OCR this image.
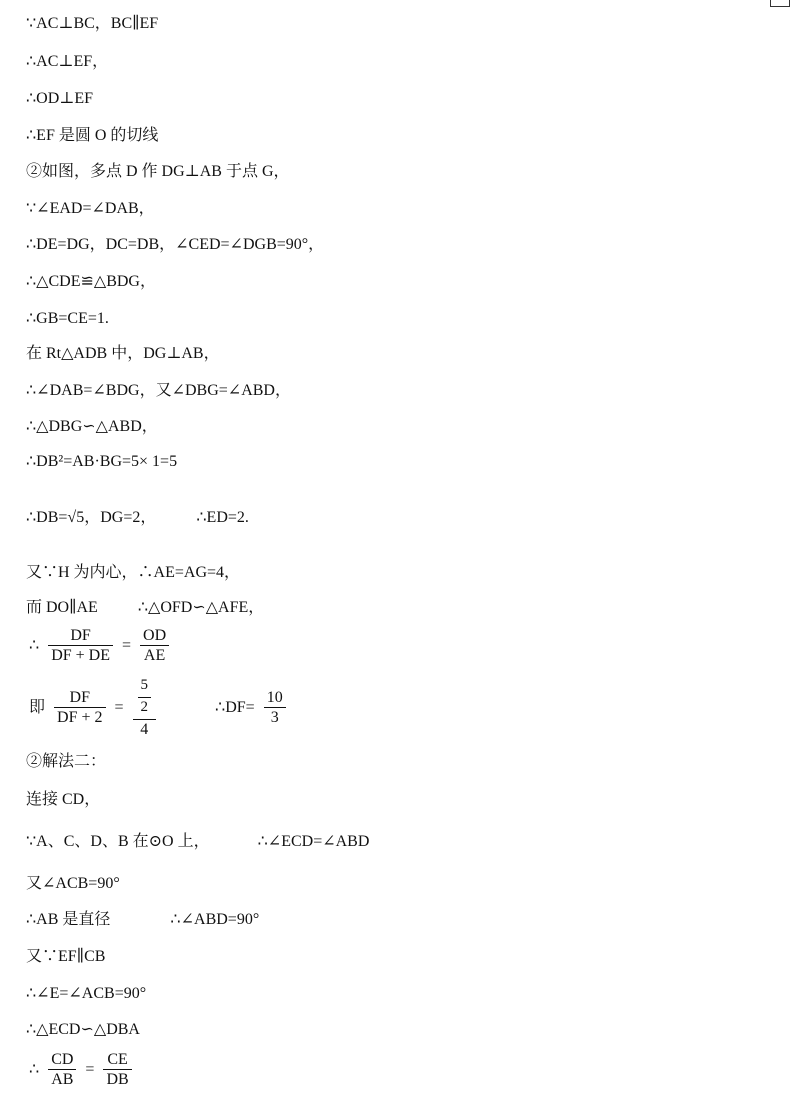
∵AC⊥BC，BC∥EF
∴AC⊥EF，
∴OD⊥EF
∴EF 是圆 O 的切线
②如图，多点 D 作 DG⊥AB 于点 G，
∵∠EAD=∠DAB，
∴DE=DG，DC=DB，∠CED=∠DGB=90°，
∴△CDE≌△BDG，
∴GB=CE=1.
在 Rt△ADB 中，DG⊥AB，
∴∠DAB=∠BDG，又∠DBG=∠ABD，
∴△DBG∽△ABD，
∴DB²=AB·BG=5× 1=5
∴DB=√5，DG=2，	∴ED=2.
又∵H 为内心，∴AE=AG=4，
而 DO∥AE	∴△OFD∽△AFE，
∴ $\frac{DF}{DF + DE} = \frac{OD}{AE}$
即 $\frac{DF}{DF + 2} = \frac{\frac{5}{2}}{4}$	∴DF= $\frac{10}{3}$
②解法二：
连接 CD，
∵A、C、D、B 在⊙O 上，	∴∠ECD=∠ABD
又∠ACB=90°
∴AB 是直径	∴∠ABD=90°
又∵EF∥CB
∴∠E=∠ACB=90°
∴△ECD∽△DBA
∴ $\frac{CD}{AB} = \frac{CE}{DB}$
